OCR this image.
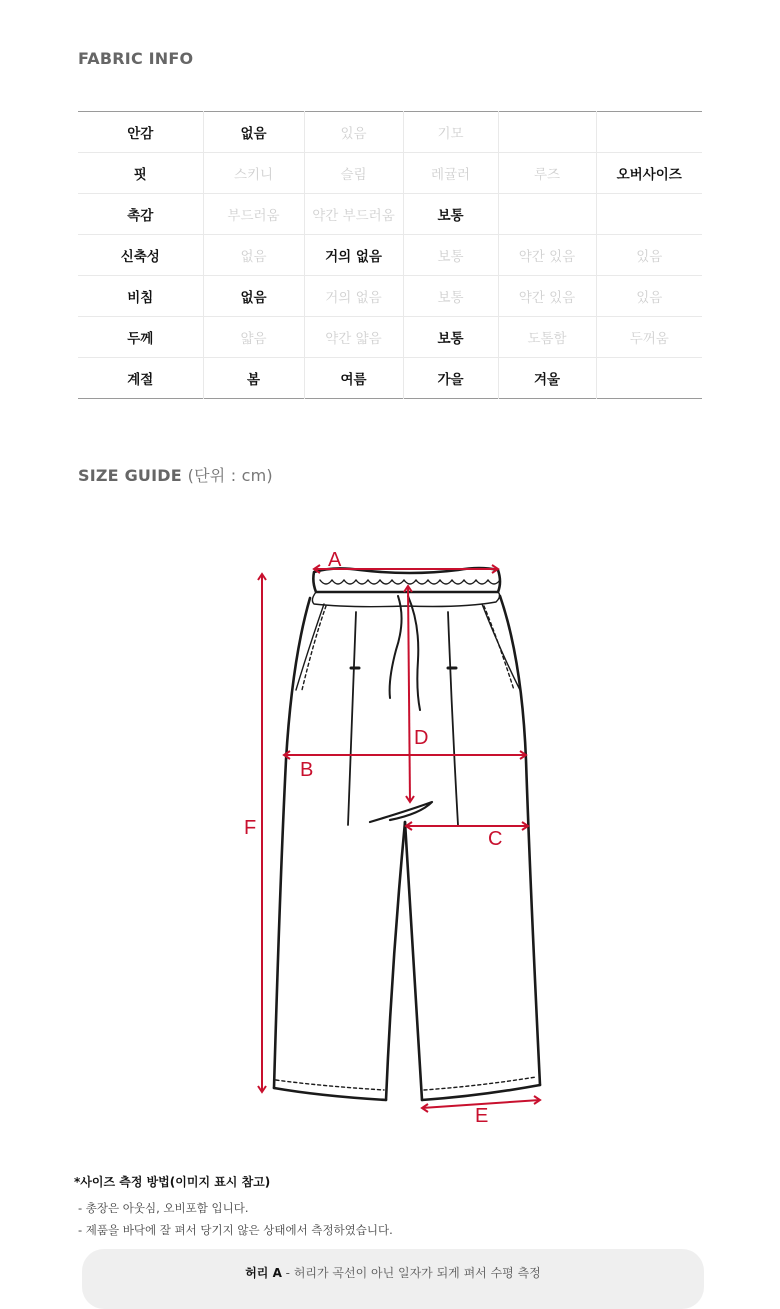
FABRIC INFO
안감	없음	있음	기모		
핏	스키니	슬림	레귤러	루즈	오버사이즈
촉감	부드러움	약간 부드러움	보통		
신축성	없음	거의 없음	보통	약간 있음	있음
비침	없음	거의 없음	보통	약간 있음	있음
두께	얇음	약간 얇음	보통	도톰함	두꺼움
계절	봄	여름	가을	겨울	
SIZE GUIDE (단위 : cm)
A
D
B
C
F
E
*사이즈 측정 방법(이미지 표시 참고)
- 총장은 아웃심, 오비포함 입니다.
- 제품을 바닥에 잘 펴서 당기지 않은 상태에서 측정하였습니다.
허리 A - 허리가 곡선이 아닌 일자가 되게 펴서 수평 측정
